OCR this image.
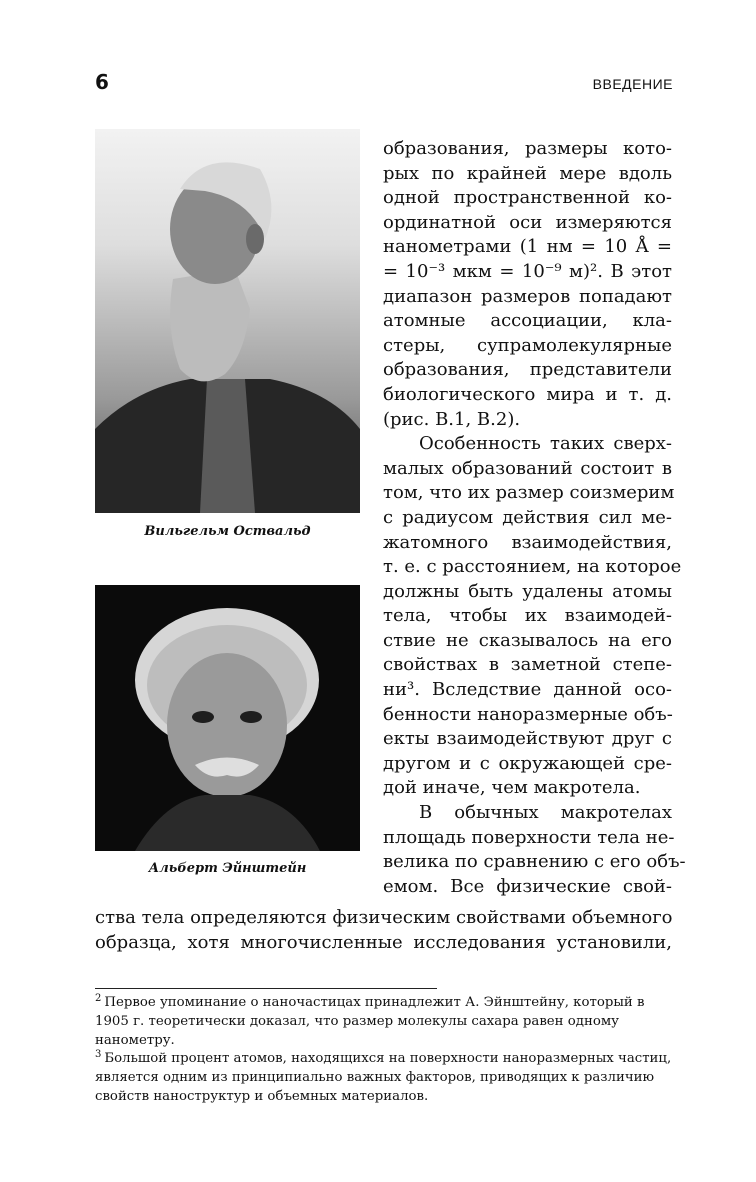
6	ВВЕДЕНИЕ
Вильгельм Оствальд
Альберт Эйнштейн

образования, размеры кото-
рых по крайней мере вдоль
одной пространственной ко-
ординатной оси измеряются
нанометрами (1 нм = 10 Å =
= 10⁻³ мкм = 10⁻⁹ м)². В этот
диапазон размеров попадают
атомные ассоциации, кла-
стеры, супрамолекулярные
образования, представители
биологического мира и т. д.
(рис. В.1, В.2).

Особенность таких сверх-
малых образований состоит в
том, что их размер соизмерим
с радиусом действия сил ме-
жатомного взаимодействия,
т. е. с расстоянием, на которое
должны быть удалены атомы
тела, чтобы их взаимодей-
ствие не сказывалось на его
свойствах в заметной степе-
ни³. Вследствие данной осо-
бенности наноразмерные объ-
екты взаимодействуют друг с
другом и с окружающей сре-
дой иначе, чем макротела.

В обычных макротелах
площадь поверхности тела не-
велика по сравнению с его объ-
емом. Все физические свой-

ства тела определяются физическим свойствами объемного
образца, хотя многочисленные исследования установили,
$^2$ Первое упоминание о наночастицах принадлежит А. Эйнштейну, который в 1905 г. теоретически доказал, что размер молекулы сахара равен одному нанометру.
$^3$ Большой процент атомов, находящихся на поверхности наноразмерных частиц, является одним из принципиально важных факторов, приводящих к различию свойств наноструктур и объемных материалов.
